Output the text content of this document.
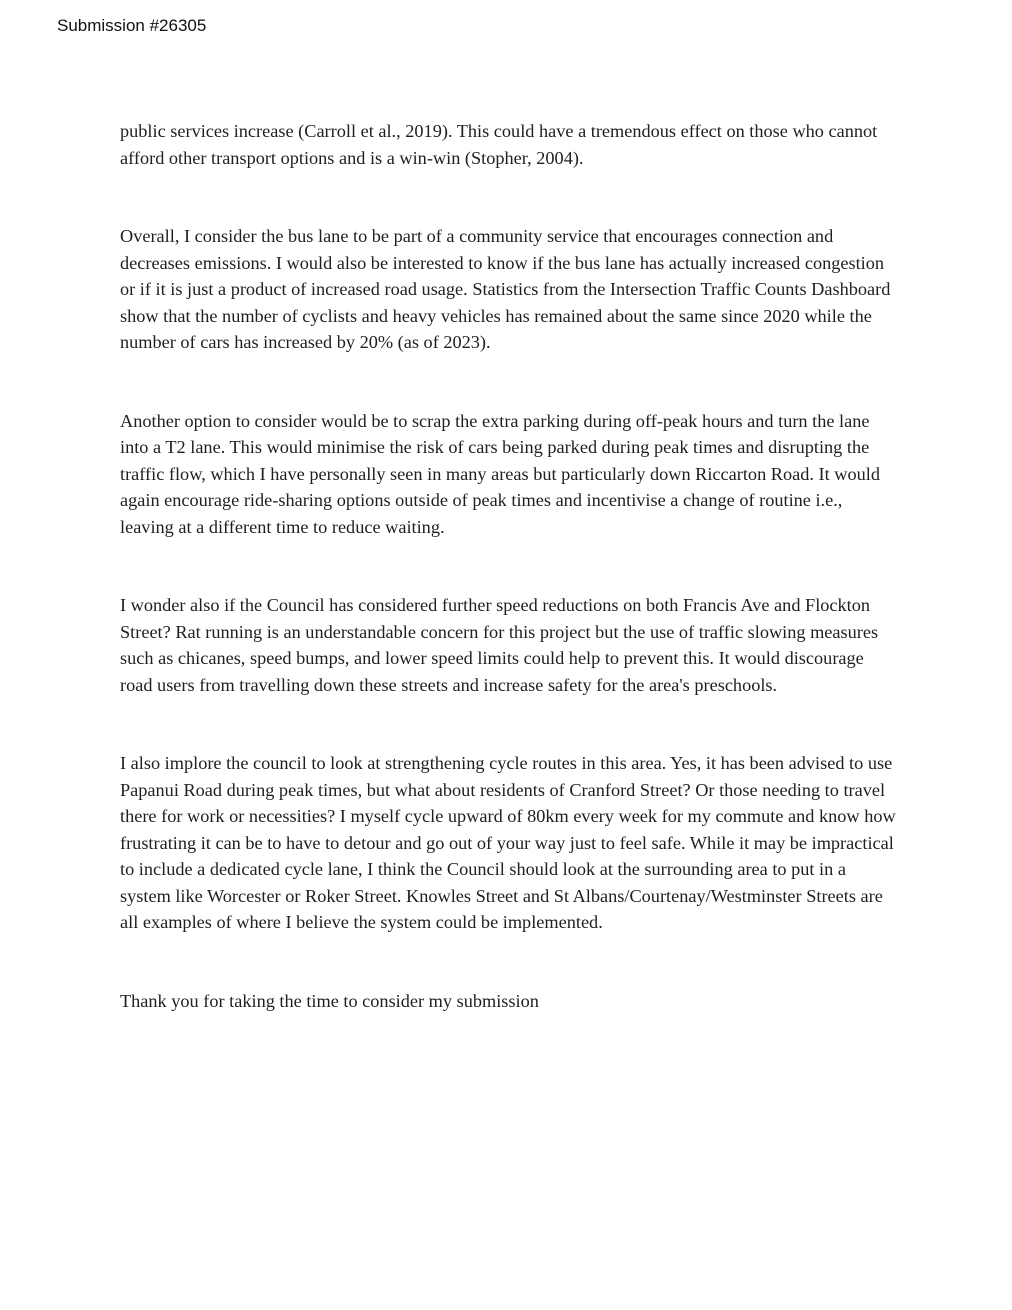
Submission #26305

public services increase (Carroll et al., 2019). This could have a tremendous effect on those who cannot afford other transport options and is a win-win (Stopher, 2004).

Overall, I consider the bus lane to be part of a community service that encourages connection and decreases emissions. I would also be interested to know if the bus lane has actually increased congestion or if it is just a product of increased road usage. Statistics from the Intersection Traffic Counts Dashboard show that the number of cyclists and heavy vehicles has remained about the same since 2020 while the number of cars has increased by 20% (as of 2023).

Another option to consider would be to scrap the extra parking during off-peak hours and turn the lane into a T2 lane. This would minimise the risk of cars being parked during peak times and disrupting the traffic flow, which I have personally seen in many areas but particularly down Riccarton Road. It would again encourage ride-sharing options outside of peak times and incentivise a change of routine i.e., leaving at a different time to reduce waiting.

I wonder also if the Council has considered further speed reductions on both Francis Ave and Flockton Street? Rat running is an understandable concern for this project but the use of traffic slowing measures such as chicanes, speed bumps, and lower speed limits could help to prevent this. It would discourage road users from travelling down these streets and increase safety for the area's preschools.

I also implore the council to look at strengthening cycle routes in this area. Yes, it has been advised to use Papanui Road during peak times, but what about residents of Cranford Street? Or those needing to travel there for work or necessities? I myself cycle upward of 80km every week for my commute and know how frustrating it can be to have to detour and go out of your way just to feel safe. While it may be impractical to include a dedicated cycle lane, I think the Council should look at the surrounding area to put in a system like Worcester or Roker Street. Knowles Street and St Albans/Courtenay/Westminster Streets are all examples of where I believe the system could be implemented.

Thank you for taking the time to consider my submission
